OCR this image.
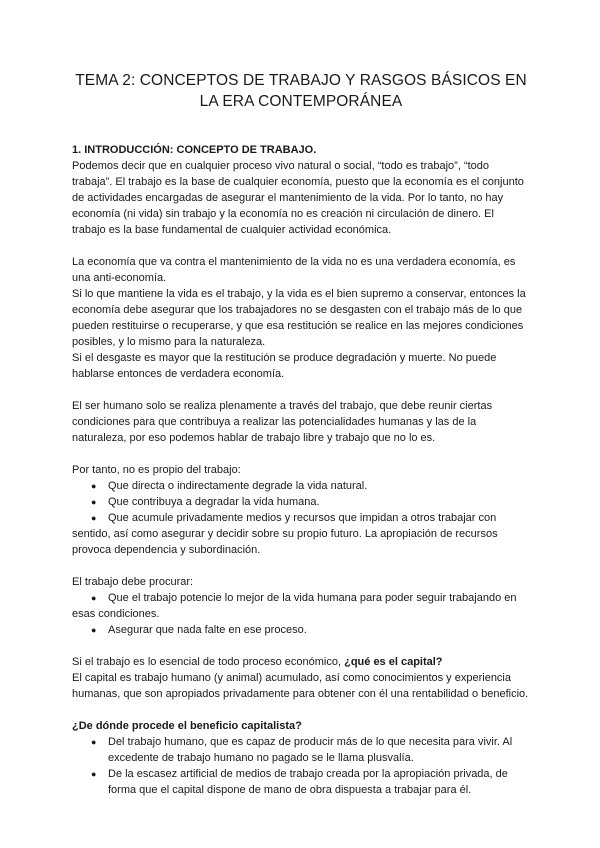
TEMA 2: CONCEPTOS DE TRABAJO Y RASGOS BÁSICOS EN LA ERA CONTEMPORÁNEA
1. INTRODUCCIÓN: CONCEPTO DE TRABAJO.

Podemos decir que en cualquier proceso vivo natural o social, “todo es trabajo”, “todo trabaja”. El trabajo es la base de cualquier economía, puesto que la economía es el conjunto de actividades encargadas de asegurar el mantenimiento de la vida. Por lo tanto, no hay economía (ni vida) sin trabajo y la economía no es creación ni circulación de dinero. El trabajo es la base fundamental de cualquier actividad económica.

La economía que va contra el mantenimiento de la vida no es una verdadera economía, es una anti-economía.

Si lo que mantiene la vida es el trabajo, y la vida es el bien supremo a conservar, entonces la economía debe asegurar que los trabajadores no se desgasten con el trabajo más de lo que pueden restituirse o recuperarse, y que esa restitución se realice en las mejores condiciones posibles, y lo mismo para la naturaleza.

Si el desgaste es mayor que la restitución se produce degradación y muerte. No puede hablarse entonces de verdadera economía.

El ser humano solo se realiza plenamente a través del trabajo, que debe reunir ciertas condiciones para que contribuya a realizar las potencialidades humanas y las de la naturaleza, por eso podemos hablar de trabajo libre y trabajo que no lo es.

Por tanto, no es propio del trabajo:

●	Que directa o indirectamente degrade la vida natural.
●	Que contribuya a degradar la vida humana.
●	Que acumule privadamente medios y recursos que impidan a otros trabajar con sentido, así como asegurar y decidir sobre su propio futuro. La apropiación de recursos provoca dependencia y subordinación.

El trabajo debe procurar:

●	Que el trabajo potencie lo mejor de la vida humana para poder seguir trabajando en esas condiciones.
●	Asegurar que nada falte en ese proceso.

Si el trabajo es lo esencial de todo proceso económico, ¿qué es el capital?

El capital es trabajo humano (y animal) acumulado, así como conocimientos y experiencia humanas, que son apropiados privadamente para obtener con él una rentabilidad o beneficio.

¿De dónde procede el beneficio capitalista?
●	Del trabajo humano, que es capaz de producir más de lo que necesita para vivir. Al excedente de trabajo humano no pagado se le llama plusvalía.
●	De la escasez artificial de medios de trabajo creada por la apropiación privada, de forma que el capital dispone de mano de obra dispuesta a trabajar para él.
